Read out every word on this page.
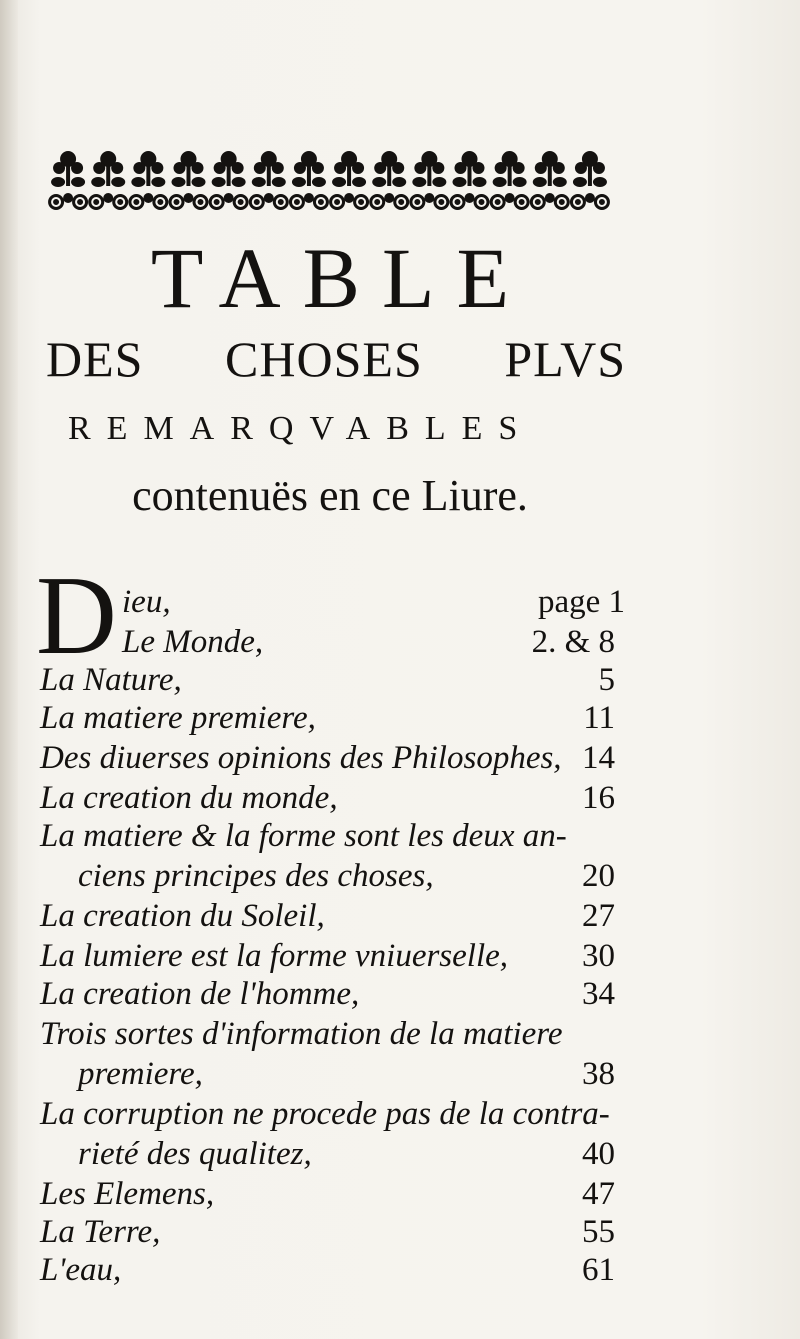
TABLE
DES CHOSES PLVS
REMARQVABLES
contenuës en ce Liure.
D ieu,	page 1
Le Monde,	2. & 8
La Nature,	5
La matiere premiere,	11
Des diuerses opinions des Philosophes, 14
La creation du monde,	16
La matiere & la forme sont les deux an-
ciens principes des choses,	20
La creation du Soleil,	27
La lumiere est la forme vniuerselle,	30
La creation de l'homme,	34
Trois sortes d'information de la matiere
premiere,	38
La corruption ne procede pas de la contra-
rieté des qualitez,	40
Les Elemens,	47
La Terre,	55
L'eau,	61
